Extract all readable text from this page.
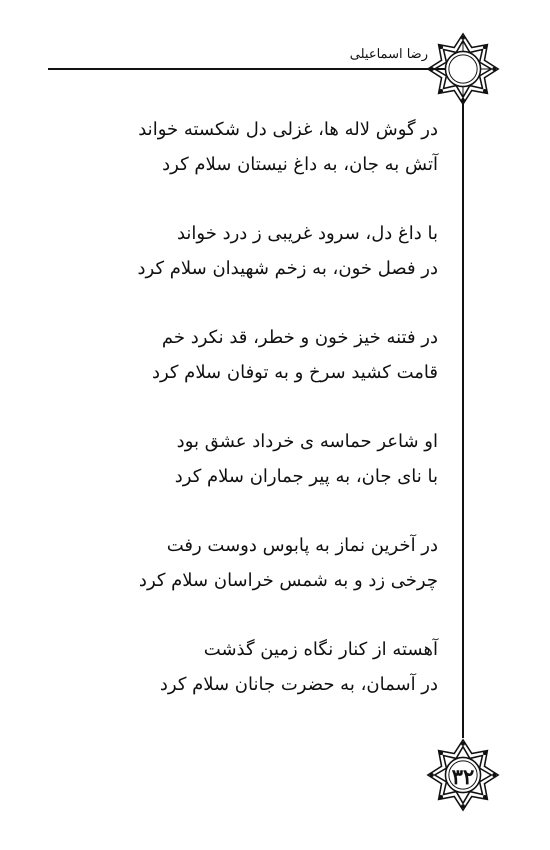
رضا اسماعیلی
در گوش لاله ها، غزلی دل شکسته خواند
آتش به جان، به داغ نیستان سلام کرد
با داغ دل، سرود غریبی ز درد خواند
در فصل خون، به زخم شهیدان سلام کرد
در فتنه خیز خون و خطر، قد نکرد خم
قامت کشید سرخ و به توفان سلام کرد
او شاعر حماسه ی خرداد عشق بود
با نای جان، به پیر جماران سلام کرد
در آخرین نماز به پابوس دوست رفت
چرخی زد و به شمس خراسان سلام کرد
آهسته از کنار نگاه زمین گذشت
در آسمان، به حضرت جانان سلام کرد
۳۲
